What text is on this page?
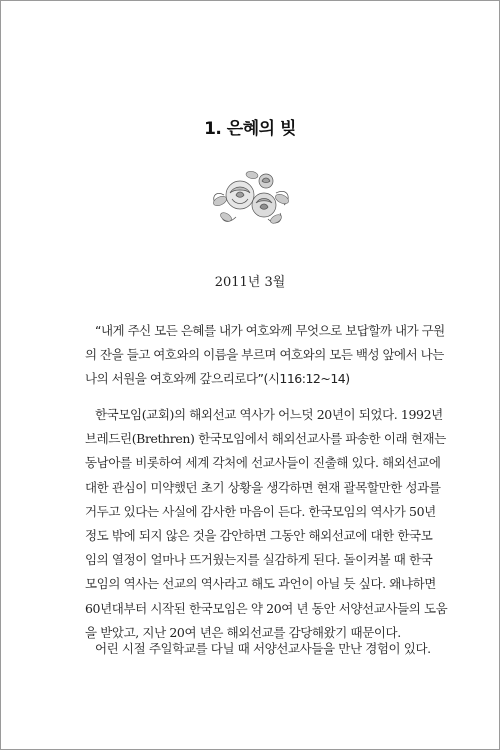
1. 은혜의 빚
2011년 3월
“내게 주신 모든 은혜를 내가 여호와께 무엇으로 보답할까 내가 구원
의 잔을 들고 여호와의 이름을 부르며 여호와의 모든 백성 앞에서 나는
나의 서원을 여호와께 갚으리로다”(시116:12~14)
한국모임(교회)의 해외선교 역사가 어느덧 20년이 되었다. 1992년
브레드린(Brethren) 한국모임에서 해외선교사를 파송한 이래 현재는
동남아를 비롯하여 세계 각처에 선교사들이 진출해 있다. 해외선교에
대한 관심이 미약했던 초기 상황을 생각하면 현재 괄목할만한 성과를
거두고 있다는 사실에 감사한 마음이 든다. 한국모임의 역사가 50년
정도 밖에 되지 않은 것을 감안하면 그동안 해외선교에 대한 한국모
임의 열정이 얼마나 뜨거웠는지를 실감하게 된다. 돌이켜볼 때 한국
모임의 역사는 선교의 역사라고 해도 과언이 아닐 듯 싶다. 왜냐하면
60년대부터 시작된 한국모임은 약 20여 년 동안 서양선교사들의 도움
을 받았고, 지난 20여 년은 해외선교를 감당해왔기 때문이다.
어린 시절 주일학교를 다닐 때 서양선교사들을 만난 경험이 있다.
